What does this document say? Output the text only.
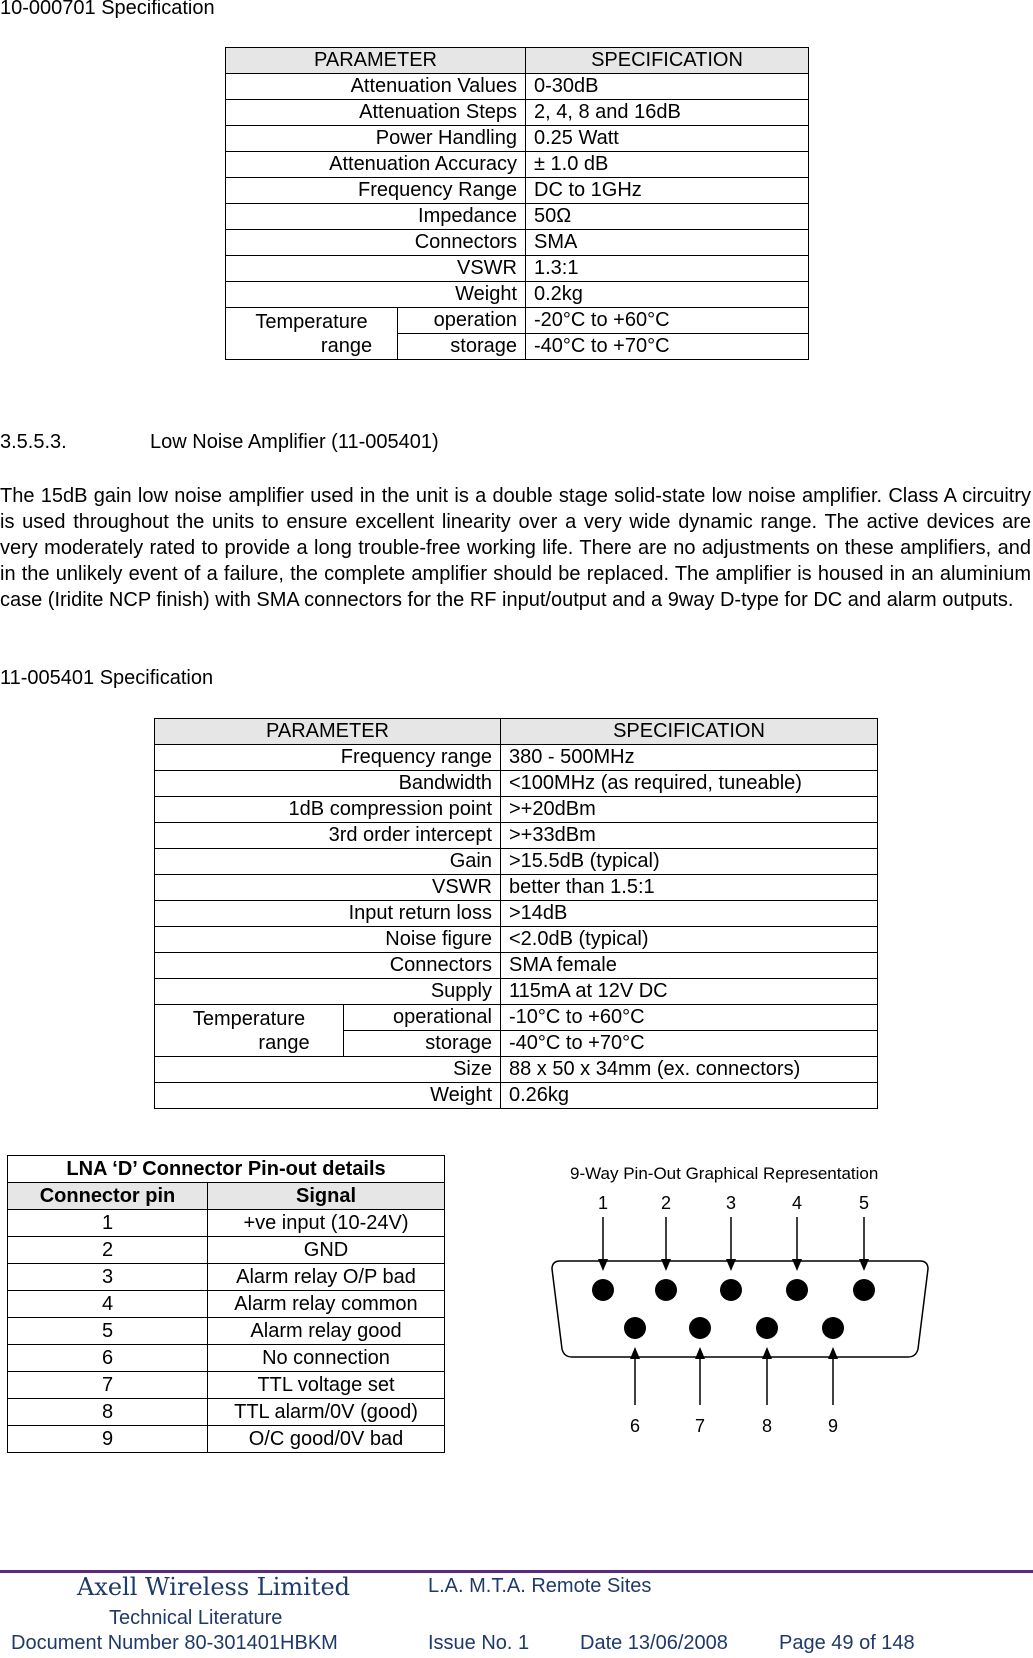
10-000701 Specification
PARAMETER		SPECIFICATION
Attenuation Values		0-30dB
Attenuation Steps		2, 4, 8 and 16dB
Power Handling		0.25 Watt
Attenuation Accuracy		± 1.0 dB
Frequency Range		DC to 1GHz
Impedance		50Ω
Connectors		SMA
VSWR		1.3:1
Weight		0.2kg
Temperature
range	operation	-20°C to +60°C
	storage	-40°C to +70°C
3.5.5.3.	Low Noise Amplifier (11-005401)

The 15dB gain low noise amplifier used in the unit is a double stage solid-state low noise amplifier. Class A circuitry is used throughout the units to ensure excellent linearity over a very wide dynamic range. The active devices are very moderately rated to provide a long trouble-free working life. There are no adjustments on these amplifiers, and in the unlikely event of a failure, the complete amplifier should be replaced. The amplifier is housed in an aluminium case (Iridite NCP finish) with SMA connectors for the RF input/output and a 9way D-type for DC and alarm outputs.

11-005401 Specification
PARAMETER		SPECIFICATION
Frequency range		380 - 500MHz
Bandwidth		<100MHz (as required, tuneable)
1dB compression point		>+20dBm
3rd order intercept		>+33dBm
Gain		>15.5dB (typical)
VSWR		better than 1.5:1
Input return loss		>14dB
Noise figure		<2.0dB (typical)
Connectors		SMA female
Supply		115mA at 12V DC
Temperature
range	operational	-10°C to +60°C
	storage	-40°C to +70°C
Size		88 x 50 x 34mm (ex. connectors)
Weight		0.26kg
LNA ‘D’ Connector Pin-out details	
Connector pin	Signal
1	+ve input (10-24V)
2	GND
3	Alarm relay O/P bad
4	Alarm relay common
5	Alarm relay good
6	No connection
7	TTL voltage set
8	TTL alarm/0V (good)
9	O/C good/0V bad
9-Way Pin-Out Graphical Representation
1	2	3	4	5
6	7	8	9
Axell Wireless Limited
Technical Literature
L.A. M.T.A. Remote Sites
Document Number 80-301401HBKM	Issue No. 1	Date 13/06/2008	Page 49 of 148
